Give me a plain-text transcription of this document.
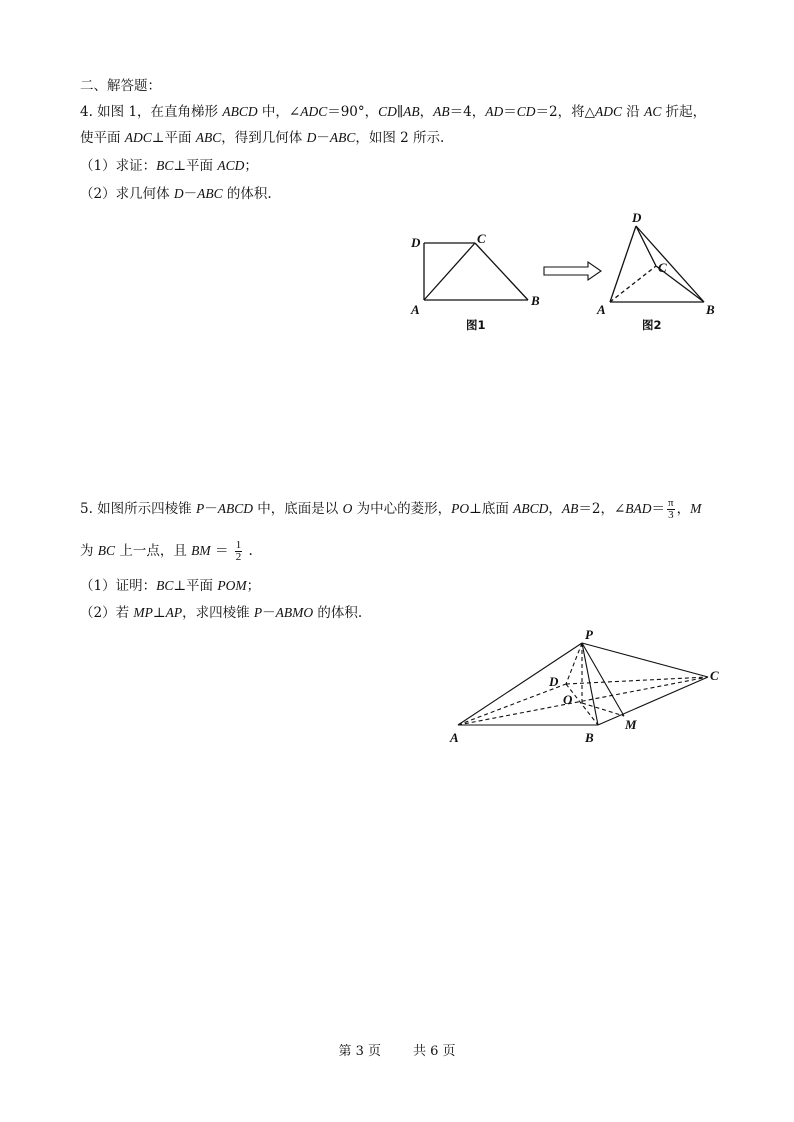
二、解答题：
4. 如图 1，在直角梯形 ABCD 中，∠ADC＝90°，CD∥AB，AB＝4，AD＝CD＝2，将△ADC 沿 AC 折起，
使平面 ADC⊥平面 ABC，得到几何体 D－ABC，如图 2 所示.
（1）求证：BC⊥平面 ACD；
（2）求几何体 D－ABC 的体积.
D	C
A
B
图1
D
C
A	B
图2
P
D
O
C
M
A	B
5. 如图所示四棱锥 P－ABCD 中，底面是以 O 为中心的菱形，PO⊥底面 ABCD，AB＝2，∠BAD＝ $\frac{\pi}{3}$ ，M
为 BC 上一点，且 BM ＝ $\frac{1}{2}$ .
（1）证明：BC⊥平面 POM；
（2）若 MP⊥AP，求四棱锥 P－ABMO 的体积.
第 3 页 共 6 页
